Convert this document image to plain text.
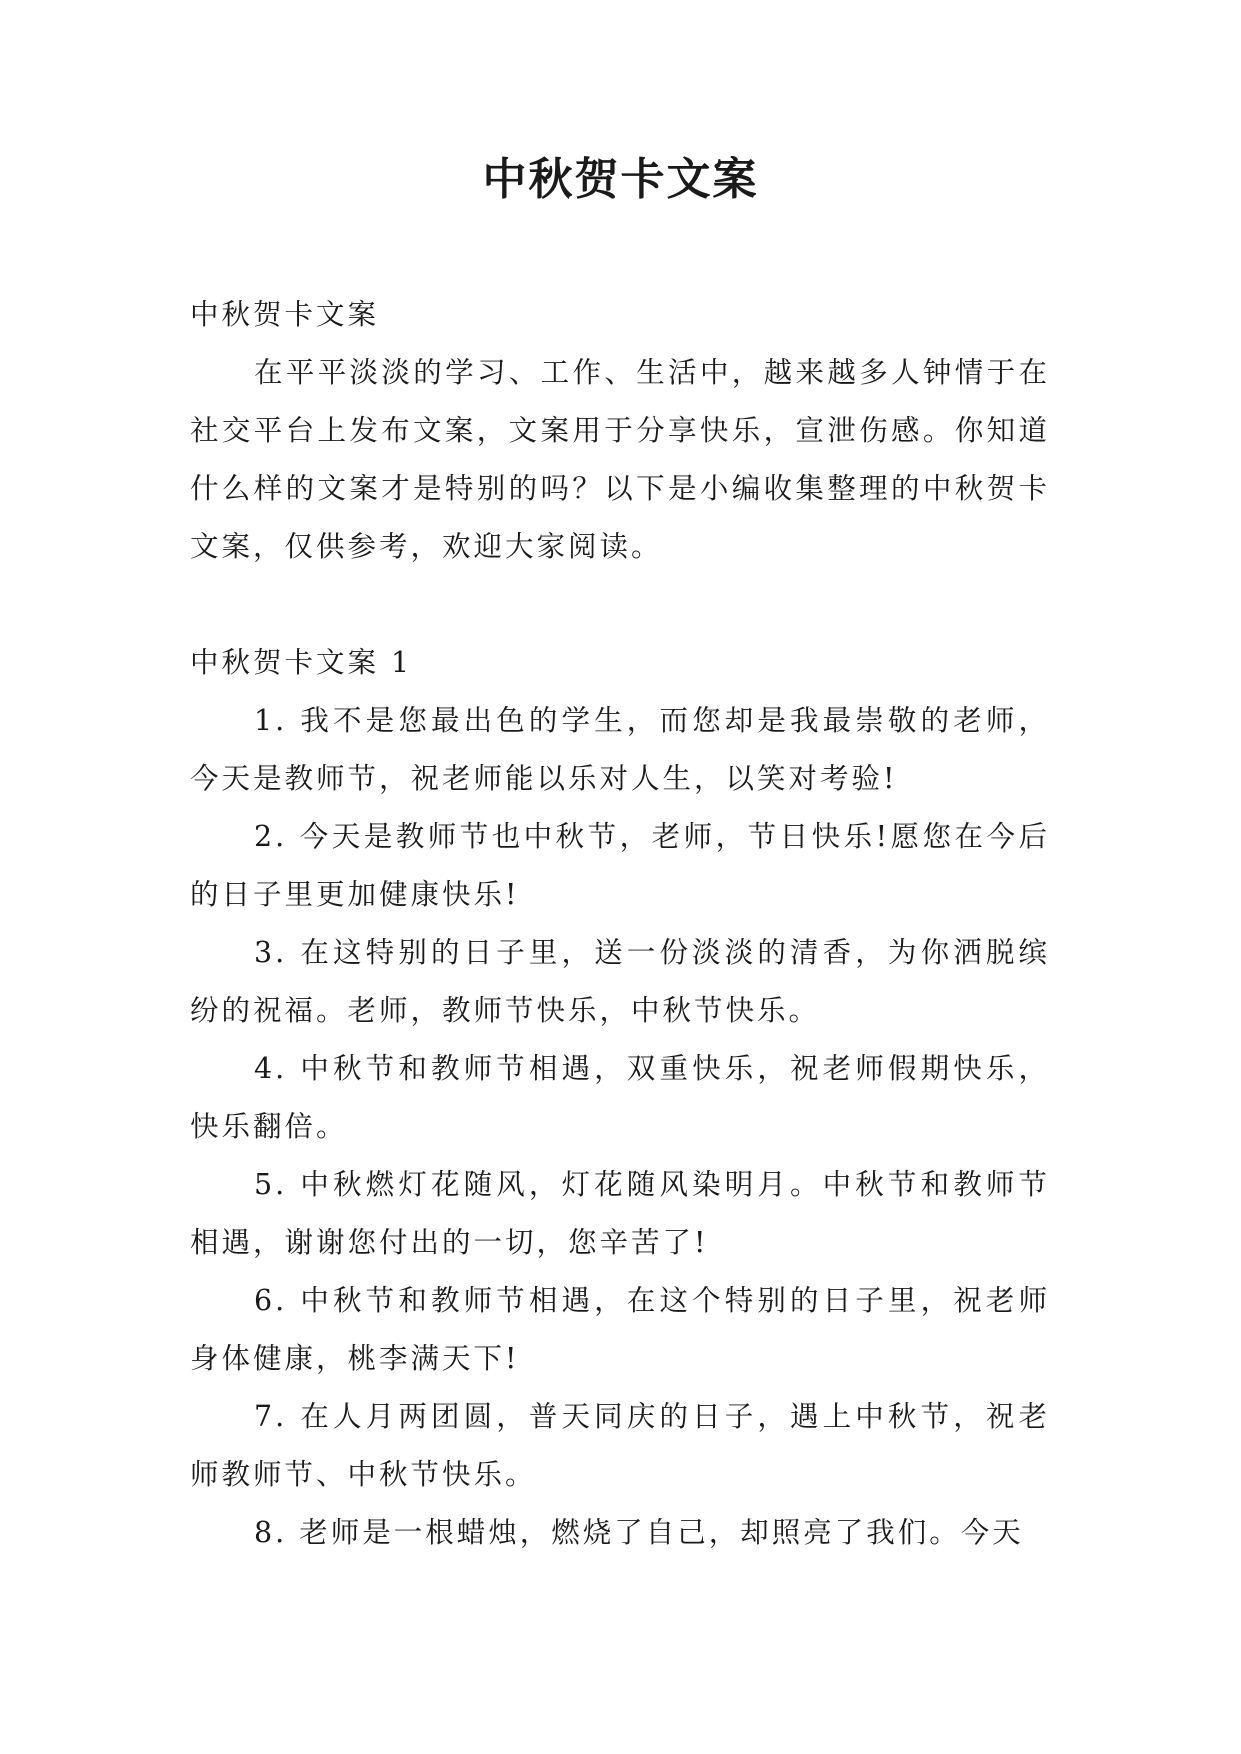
中秋贺卡文案

中秋贺卡文案

在平平淡淡的学习、工作、生活中，越来越多人钟情于在社交平台上发布文案，文案用于分享快乐，宣泄伤感。你知道什么样的文案才是特别的吗？以下是小编收集整理的中秋贺卡文案，仅供参考，欢迎大家阅读。

中秋贺卡文案 1

1. 我不是您最出色的学生，而您却是我最崇敬的老师，今天是教师节，祝老师能以乐对人生，以笑对考验!

2. 今天是教师节也中秋节，老师，节日快乐!愿您在今后的日子里更加健康快乐!

3. 在这特别的日子里，送一份淡淡的清香，为你洒脱缤纷的祝福。老师，教师节快乐，中秋节快乐。

4. 中秋节和教师节相遇，双重快乐，祝老师假期快乐，快乐翻倍。

5. 中秋燃灯花随风，灯花随风染明月。中秋节和教师节相遇，谢谢您付出的一切，您辛苦了!

6. 中秋节和教师节相遇，在这个特别的日子里，祝老师身体健康，桃李满天下!

7. 在人月两团圆，普天同庆的日子，遇上中秋节，祝老师教师节、中秋节快乐。

8. 老师是一根蜡烛，燃烧了自己，却照亮了我们。今天
